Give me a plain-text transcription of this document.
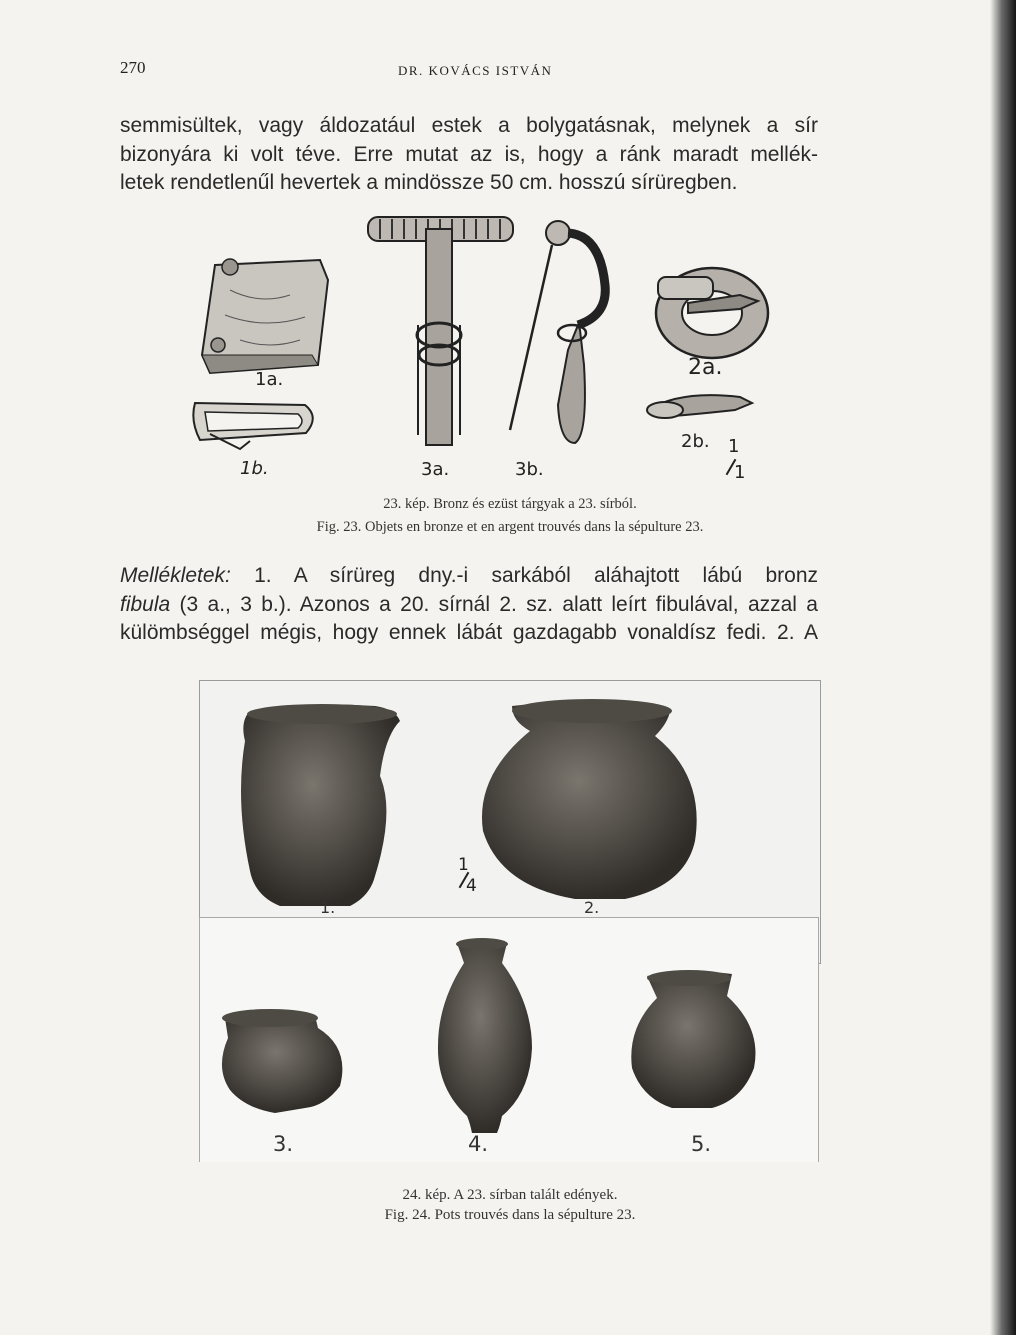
270	DR. KOVÁCS ISTVÁN
semmisültek, vagy áldozatául estek a bolygatásnak, melynek a sír
bizonyára ki volt téve. Erre mutat az is, hogy a ránk maradt mellék-
letek rendetlenűl hevertek a mindössze 50 cm. hosszú sírüregben.
1a.
1b.	3a.	3b.
2a.
2b. 1
1
23. kép. Bronz és ezüst tárgyak a 23. sírból.
Fig. 23. Objets en bronze et en argent trouvés dans la sépulture 23.
Mellékletek: 1. A sírüreg dny.-i sarkából aláhajtott lábú bronz
fibula (3 a., 3 b.). Azonos a 20. sírnál 2. sz. alatt leírt fibulával, azzal a
külömbséggel mégis, hogy ennek lábát gazdagabb vonaldísz fedi. 2. A
1.	2.
1
4
3.	4.	5.
24. kép. A 23. sírban talált edények.
Fig. 24. Pots trouvés dans la sépulture 23.
